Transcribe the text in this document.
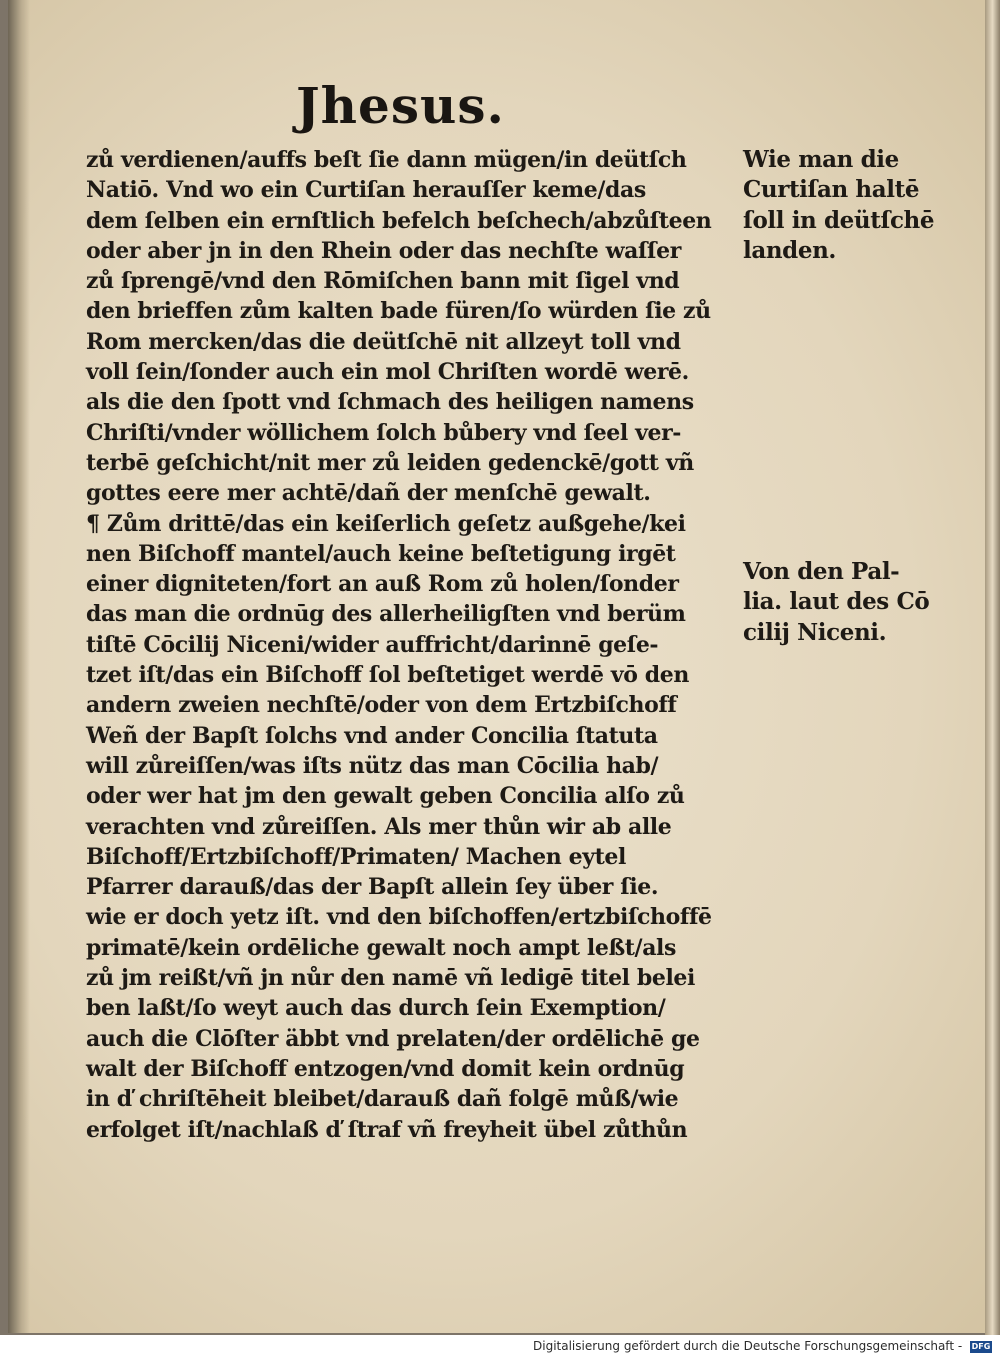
Jhesus.
zů verdienen/auffs beſt ſie dann mügen/in deütſch
Natiō. Vnd wo ein Curtiſan herauſſer keme/das
dem ſelben ein ernſtlich befelch beſchech/abzůſteen
oder aber jn in den Rhein oder das nechſte waſſer
zů ſprengē/vnd den Rōmiſchen bann mit ſigel vnd
den brieffen zům kalten bade füren/ſo würden ſie zů
Rom mercken/das die deütſchē nit allzeyt toll vnd
voll ſein/ſonder auch ein mol Chriſten wordē werē.
als die den ſpott vnd ſchmach des heiligen namens
Chriſti/vnder wöllichem ſolch bůbery vnd ſeel ver-
terbē geſchicht/nit mer zů leiden gedenckē/gott vñ
gottes eere mer achtē/dañ der menſchē gewalt.
¶ Zům drittē/das ein keiſerlich geſetz außgehe/kei
nen Biſchoff mantel/auch keine beſtetigung irgēt
einer digniteten/fort an auß Rom zů holen/ſonder
das man die ordnūg des allerheiligſten vnd berüm
tiſtē Cōcilij Niceni/wider auffricht/darinnē geſe-
tzet iſt/das ein Biſchoff ſol beſtetiget werdē vō den
andern zweien nechſtē/oder von dem Ertzbiſchoff
Weñ der Bapſt ſolchs vnd ander Concilia ſtatuta
will zůreiſſen/was iſts nütz das man Cōcilia hab/
oder wer hat jm den gewalt geben Concilia alſo zů
verachten vnd zůreiſſen. Als mer thůn wir ab alle
Biſchoff/Ertzbiſchoff/Primaten/ Machen eytel
Pfarrer darauß/das der Bapſt allein ſey über ſie.
wie er doch yetz iſt. vnd den biſchoffen/ertzbiſchoffē
primatē/kein ordēliche gewalt noch ampt leßt/als
zů jm reißt/vñ jn nůr den namē vñ ledigē titel belei
ben laßt/ſo weyt auch das durch ſein Exemption/
auch die Clōſter äbbt vnd prelaten/der ordēlichē ge
walt der Biſchoff entzogen/vnd domit kein ordnūg
in ď chriſtēheit bleibet/darauß dañ folgē můß/wie
erfolget iſt/nachlaß ď ſtraf vñ freyheit übel zůthůn
Wie man die
Curtiſan haltē
ſoll in deütſchē
landen.
Von den Pal-
lia. laut des Cō
cilij Niceni.
Digitalisierung gefördert durch die Deutsche Forschungsgemeinschaft - DFG
